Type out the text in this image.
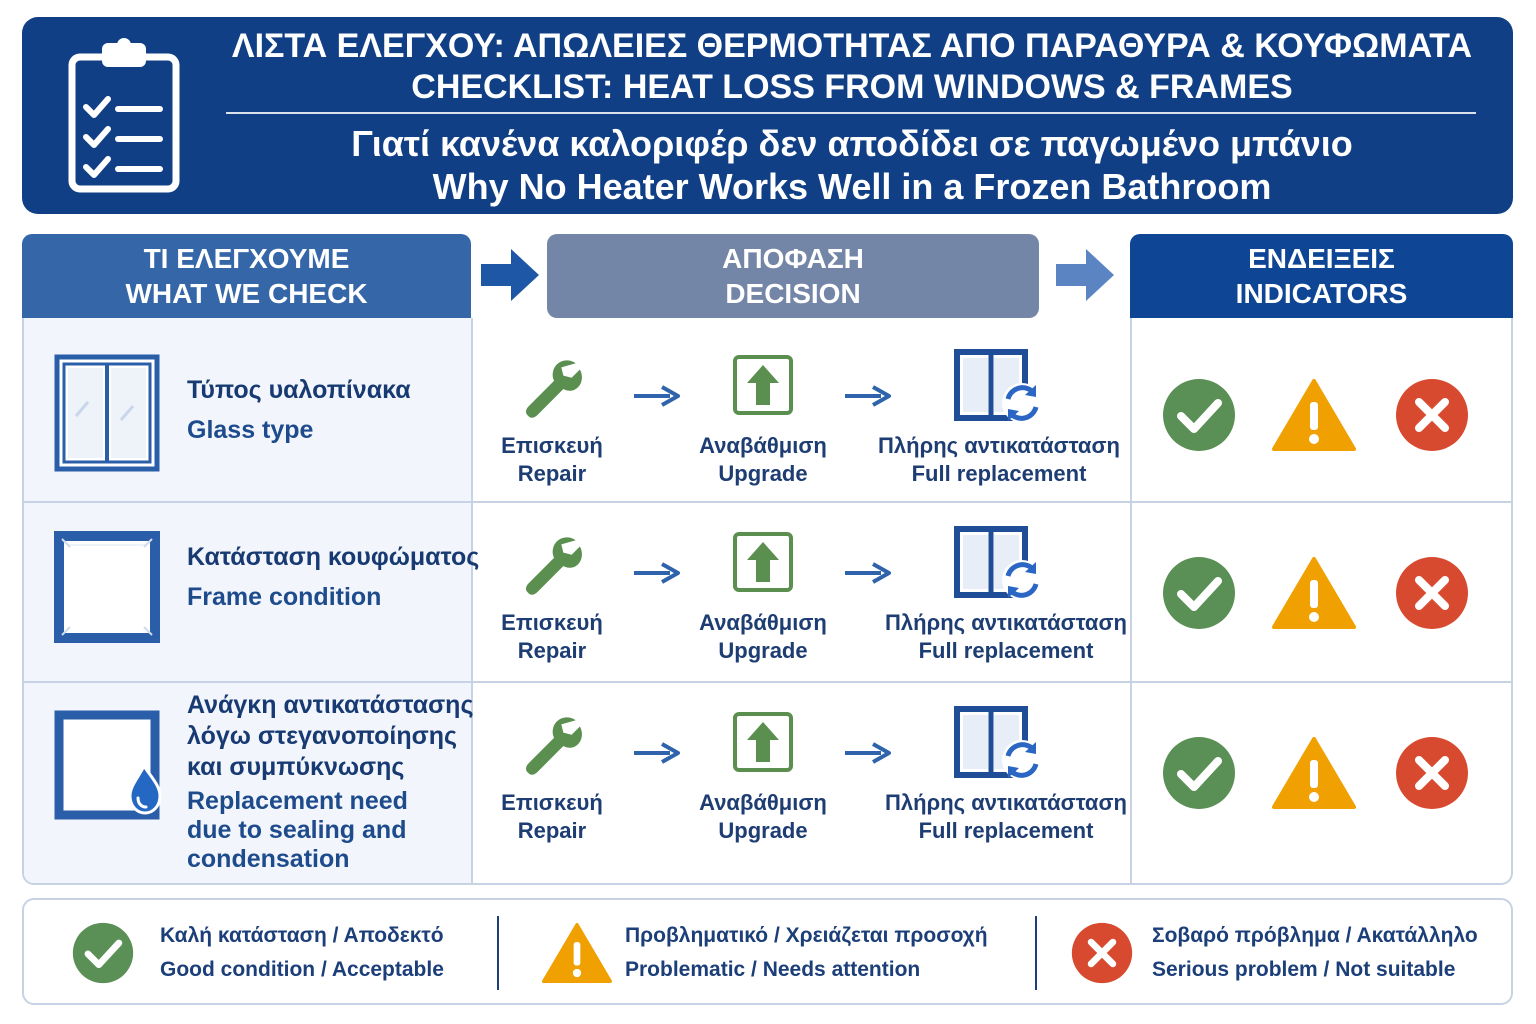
ΛΙΣΤΑ ΕΛΕΓΧΟΥ: ΑΠΩΛΕΙΕΣ ΘΕΡΜΟΤΗΤΑΣ ΑΠΟ ΠΑΡΑΘΥΡΑ & ΚΟΥΦΩΜΑΤΑ
CHECKLIST: HEAT LOSS FROM WINDOWS & FRAMES
Γιατί κανένα καλοριφέρ δεν αποδίδει σε παγωμένο μπάνιο
Why No Heater Works Well in a Frozen Bathroom
ΤΙ ΕΛΕΓΧΟΥΜΕ
WHAT WE CHECK
ΑΠΟΦΑΣΗ
DECISION
ΕΝΔΕΙΞΕΙΣ
INDICATORS
Τύπος υαλοπίνακα
Glass type
Κατάσταση κουφώματος
Frame condition
Ανάγκη αντικατάστασης
λόγω στεγανοποίησης
και συμπύκνωσης
Replacement need
due to sealing and
condensation
Επισκευή
Repair
Αναβάθμιση
Upgrade
Πλήρης αντικατάσταση
Full replacement
Επισκευή
Repair
Αναβάθμιση
Upgrade
Πλήρης αντικατάσταση
Full replacement
Επισκευή
Repair
Αναβάθμιση
Upgrade
Πλήρης αντικατάσταση
Full replacement
Καλή κατάσταση / Αποδεκτό
Good condition / Acceptable
Προβληματικό / Χρειάζεται προσοχή
Problematic / Needs attention
Σοβαρό πρόβλημα / Ακατάλληλο
Serious problem / Not suitable
